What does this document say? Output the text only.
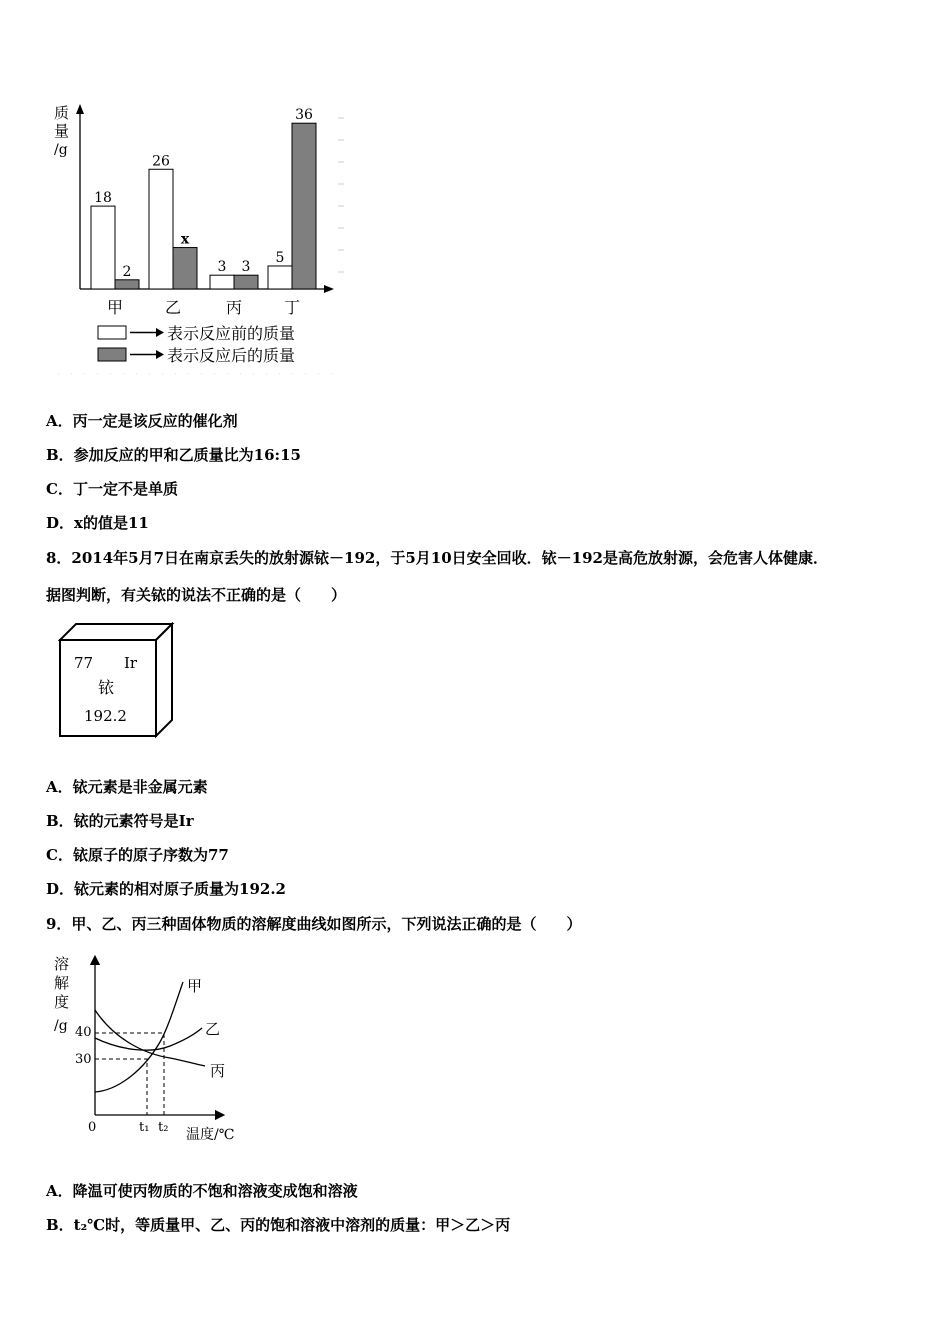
质
量
/g
18
2
甲
26
x
乙
3 3
丙
5
36
丁
表示反应前的质量
表示反应后的质量
A．丙一定是该反应的催化剂
B．参加反应的甲和乙质量比为16:15
C．丁一定不是单质
D．x的值是11
8．2014年5月7日在南京丢失的放射源铱－192，于5月10日安全回收．铱－192是高危放射源，会危害人体健康．
据图判断，有关铱的说法不正确的是（　　）
77 Ir
铱
192.2
A．铱元素是非金属元素
B．铱的元素符号是Ir
C．铱原子的原子序数为77
D．铱元素的相对原子质量为192.2
9．甲、乙、丙三种固体物质的溶解度曲线如图所示，下列说法正确的是（　　）
溶
解
度
/g 40
30
0	t₁ t₂ 温度/℃
甲
乙
丙
A．降温可使丙物质的不饱和溶液变成饱和溶液
B．t₂℃时，等质量甲、乙、丙的饱和溶液中溶剂的质量：甲＞乙＞丙
